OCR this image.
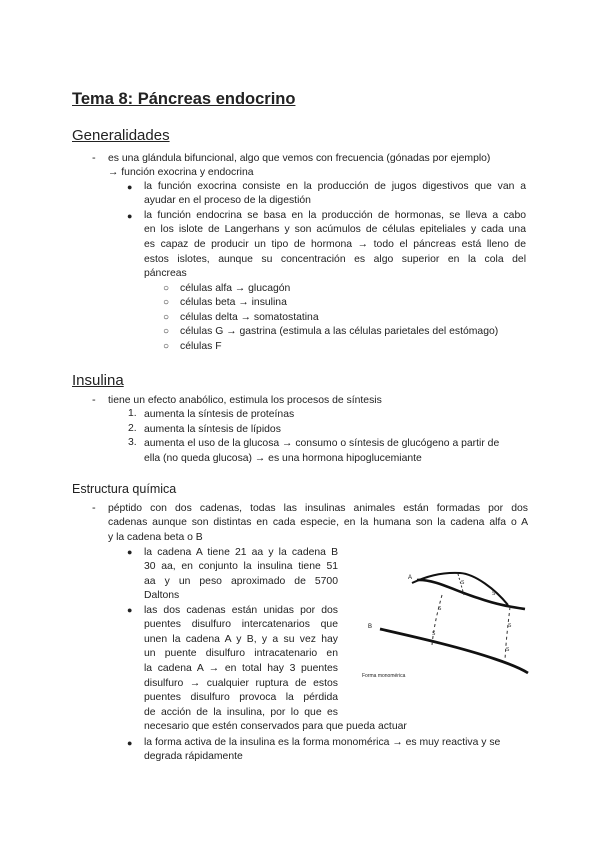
Tema 8: Páncreas endocrino
Generalidades
- es una glándula bifuncional, algo que vemos con frecuencia (gónadas por ejemplo)
→ función exocrina y endocrina
● la función exocrina consiste en la producción de jugos digestivos que van a
ayudar en el proceso de la digestión
● la función endocrina se basa en la producción de hormonas, se lleva a cabo
en los islote de Langerhans y son acúmulos de células epiteliales y cada una
es capaz de producir un tipo de hormona → todo el páncreas está lleno de
estos islotes, aunque su concentración es algo superior en la cola del
páncreas
○ células alfa → glucagón
○ células beta → insulina
○ células delta → somatostatina
○ células G → gastrina (estimula a las células parietales del estómago)
○ células F
Insulina
- tiene un efecto anabólico, estimula los procesos de síntesis
1. aumenta la síntesis de proteínas
2. aumenta la síntesis de lípidos
3. aumenta el uso de la glucosa → consumo o síntesis de glucógeno a partir de
ella (no queda glucosa) → es una hormona hipoglucemiante
Estructura química
- péptido con dos cadenas, todas las insulinas animales están formadas por dos
cadenas aunque son distintas en cada especie, en la humana son la cadena alfa o A
y la cadena beta o B
● la cadena A tiene 21 aa y la cadena B
30 aa, en conjunto la insulina tiene 51
aa y un peso aproximado de 5700
Daltons
● las dos cadenas están unidas por dos
puentes disulfuro intercatenarios que
unen la cadena A y B, y a su vez hay
un puente disulfuro intracatenario en
la cadena A → en total hay 3 puentes
disulfuro → cualquier ruptura de estos
puentes disulfuro provoca la pérdida
de acción de la insulina, por lo que es
necesario que estén conservados para que pueda actuar
● la forma activa de la insulina es la forma monomérica → es muy reactiva y se
degrada rápidamente
A
B
S
S
S
S
S
S
Forma monomérica
